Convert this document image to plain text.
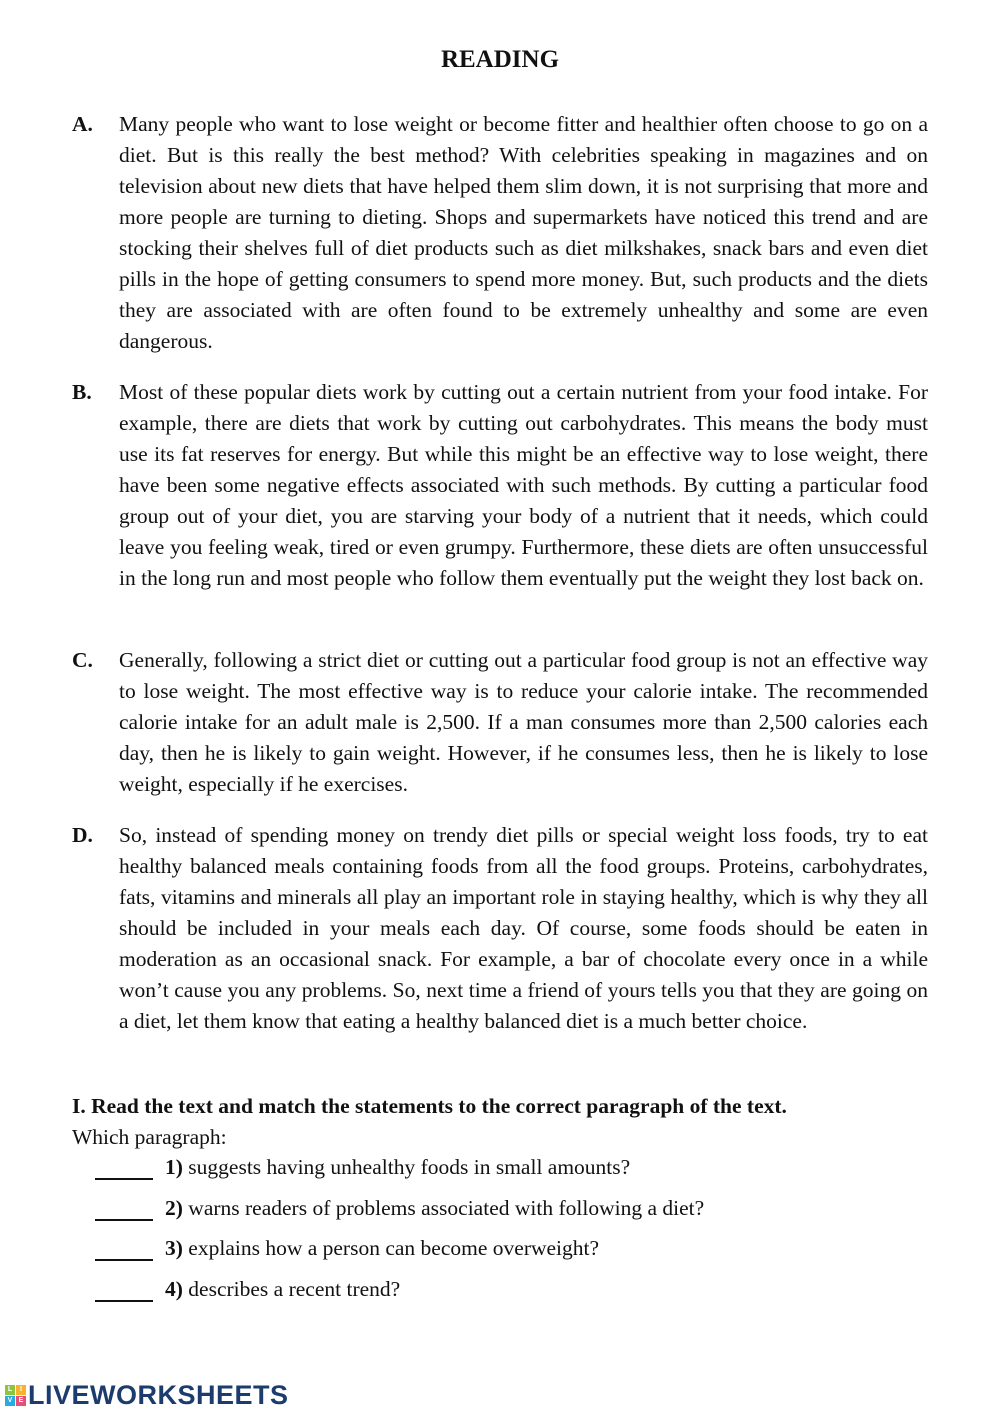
READING
A. Many people who want to lose weight or become fitter and healthier often choose to go on a diet. But is this really the best method? With celebrities speaking in magazines and on television about new diets that have helped them slim down, it is not surprising that more and more people are turning to dieting. Shops and supermarkets have noticed this trend and are stocking their shelves full of diet products such as diet milkshakes, snack bars and even diet pills in the hope of getting consumers to spend more money. But, such products and the diets they are associated with are often found to be extremely unhealthy and some are even dangerous.
B. Most of these popular diets work by cutting out a certain nutrient from your food intake. For example, there are diets that work by cutting out carbohydrates. This means the body must use its fat reserves for energy. But while this might be an effective way to lose weight, there have been some negative effects associated with such methods. By cutting a particular food group out of your diet, you are starving your body of a nutrient that it needs, which could leave you feeling weak, tired or even grumpy. Furthermore, these diets are often unsuccessful in the long run and most people who follow them eventually put the weight they lost back on.
C. Generally, following a strict diet or cutting out a particular food group is not an effective way to lose weight. The most effective way is to reduce your calorie intake. The recommended calorie intake for an adult male is 2,500. If a man consumes more than 2,500 calories each day, then he is likely to gain weight. However, if he consumes less, then he is likely to lose weight, especially if he exercises.
D. So, instead of spending money on trendy diet pills or special weight loss foods, try to eat healthy balanced meals containing foods from all the food groups. Proteins, carbohydrates, fats, vitamins and minerals all play an important role in staying healthy, which is why they all should be included in your meals each day. Of course, some foods should be eaten in moderation as an occasional snack. For example, a bar of chocolate every once in a while won’t cause you any problems. So, next time a friend of yours tells you that they are going on a diet, let them know that eating a healthy balanced diet is a much better choice.
I. Read the text and match the statements to the correct paragraph of the text.
Which paragraph:
1) suggests having unhealthy foods in small amounts?
2) warns readers of problems associated with following a diet?
3) explains how a person can become overweight?
4) describes a recent trend?
L	I
V E LIVEWORKSHEETS
